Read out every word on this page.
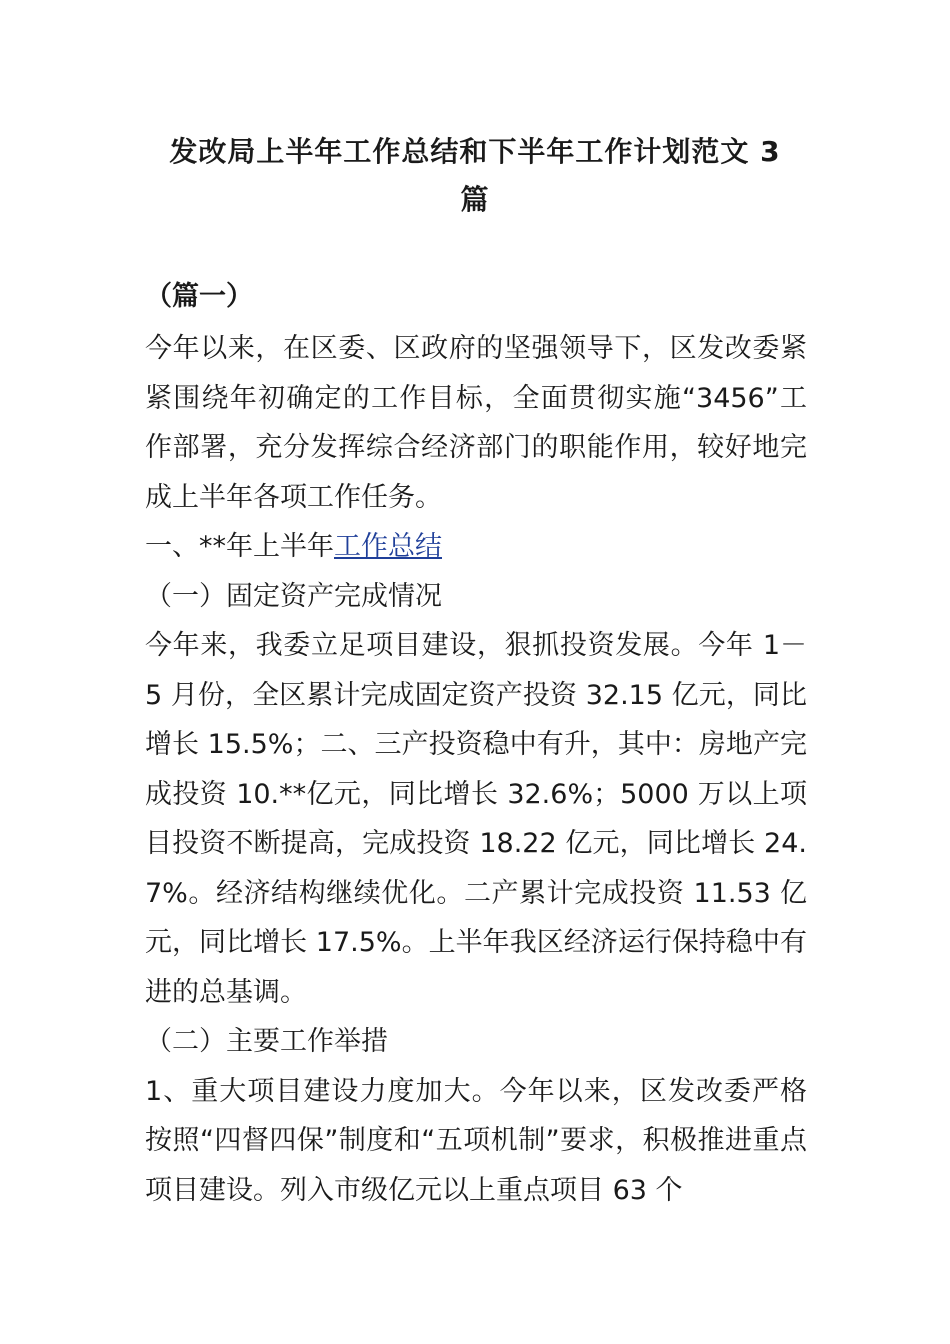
发改局上半年工作总结和下半年工作计划范文 3
篇

（篇一）

今年以来，在区委、区政府的坚强领导下，区发改委紧紧围绕年初确定的工作目标，全面贯彻实施“3456”工作部署，充分发挥综合经济部门的职能作用，较好地完成上半年各项工作任务。

一、**年上半年工作总结

（一）固定资产完成情况

今年来，我委立足项目建设，狠抓投资发展。今年 1－5 月份，全区累计完成固定资产投资 32.15 亿元，同比增长 15.5%；二、三产投资稳中有升，其中：房地产完成投资 10.**亿元，同比增长 32.6%；5000 万以上项目投资不断提高，完成投资 18.22 亿元，同比增长 24.7%。经济结构继续优化。二产累计完成投资 11.53 亿元，同比增长 17.5%。上半年我区经济运行保持稳中有进的总基调。

（二）主要工作举措

1、重大项目建设力度加大。今年以来，区发改委严格按照“四督四保”制度和“五项机制”要求，积极推进重点项目建设。列入市级亿元以上重点项目 63 个
